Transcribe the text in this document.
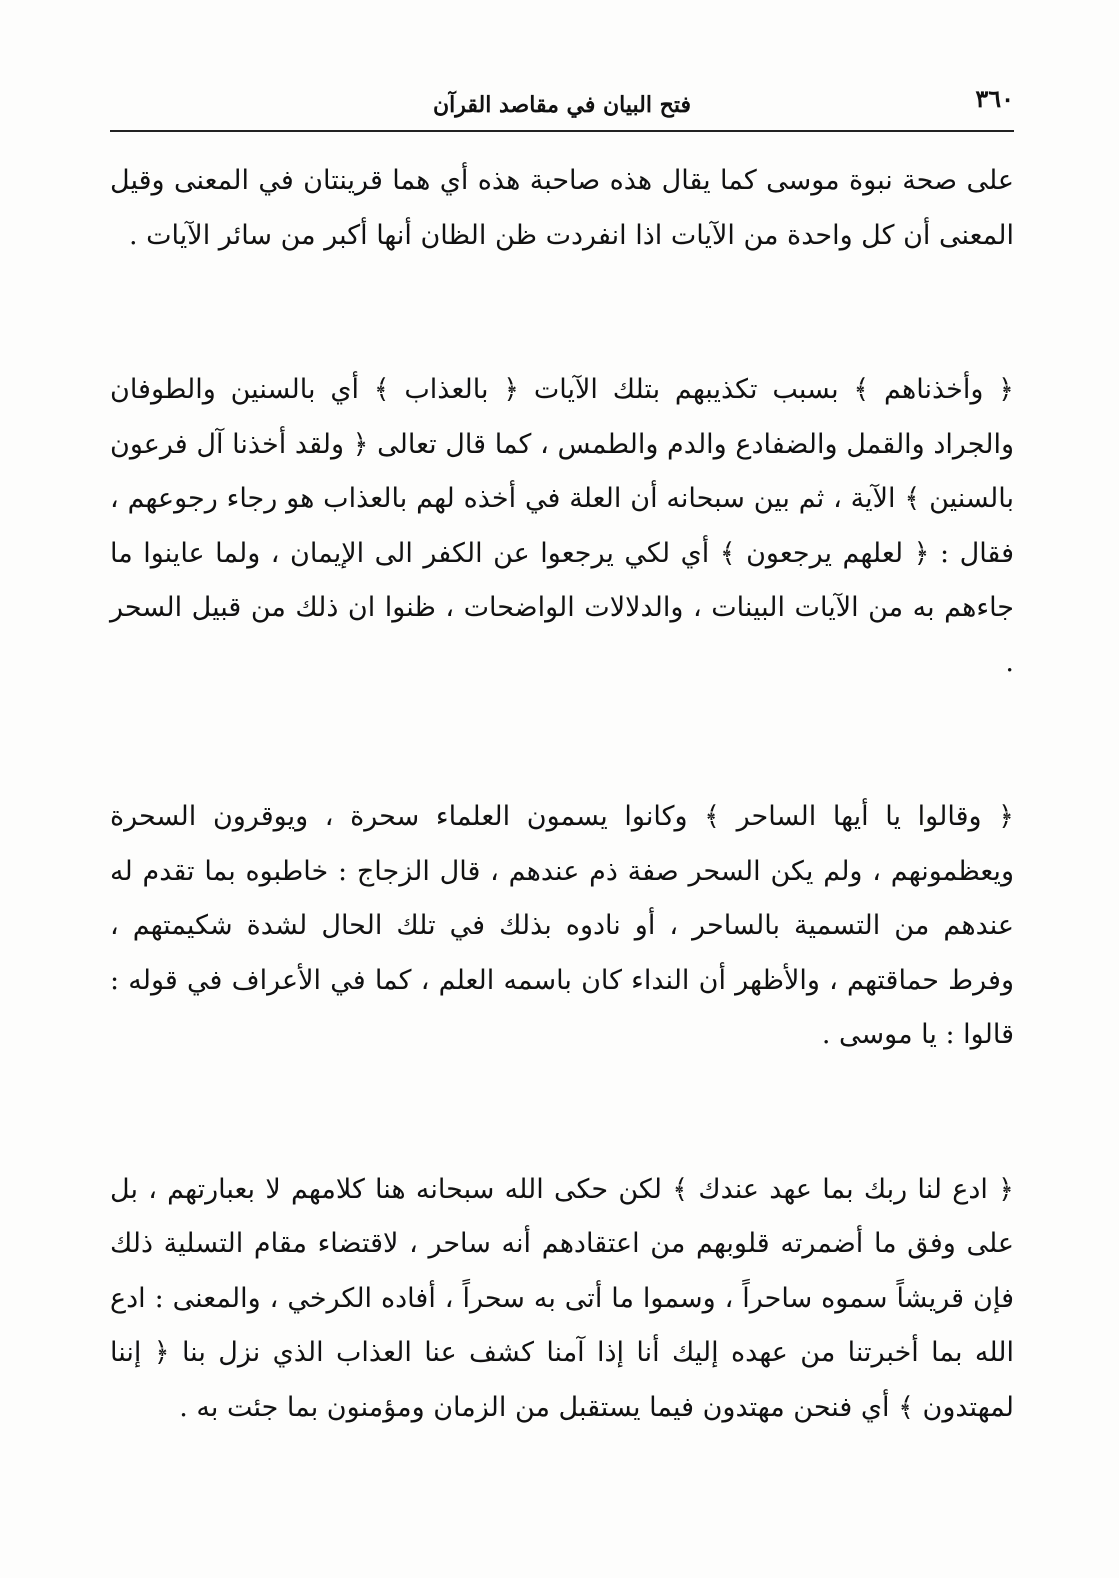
٣٦٠
فتح البيان في مقاصد القرآن

على صحة نبوة موسى كما يقال هذه صاحبة هذه أي هما قرينتان في المعنى وقيل المعنى أن كل واحدة من الآيات اذا انفردت ظن الظان أنها أكبر من سائر الآيات .

﴿ وأخذناهم ﴾ بسبب تكذيبهم بتلك الآيات ﴿ بالعذاب ﴾ أي بالسنين والطوفان والجراد والقمل والضفادع والدم والطمس ، كما قال تعالى ﴿ ولقد أخذنا آل فرعون بالسنين ﴾ الآية ، ثم بين سبحانه أن العلة في أخذه لهم بالعذاب هو رجاء رجوعهم ، فقال : ﴿ لعلهم يرجعون ﴾ أي لكي يرجعوا عن الكفر الى الإيمان ، ولما عاينوا ما جاءهم به من الآيات البينات ، والدلالات الواضحات ، ظنوا ان ذلك من قبيل السحر .

﴿ وقالوا يا أيها الساحر ﴾ وكانوا يسمون العلماء سحرة ، ويوقرون السحرة ويعظمونهم ، ولم يكن السحر صفة ذم عندهم ، قال الزجاج : خاطبوه بما تقدم له عندهم من التسمية بالساحر ، أو نادوه بذلك في تلك الحال لشدة شكيمتهم ، وفرط حماقتهم ، والأظهر أن النداء كان باسمه العلم ، كما في الأعراف في قوله : قالوا : يا موسى .

﴿ ادع لنا ربك بما عهد عندك ﴾ لكن حكى الله سبحانه هنا كلامهم لا بعبارتهم ، بل على وفق ما أضمرته قلوبهم من اعتقادهم أنه ساحر ، لاقتضاء مقام التسلية ذلك فإن قريشاً سموه ساحراً ، وسموا ما أتى به سحراً ، أفاده الكرخي ، والمعنى : ادع الله بما أخبرتنا من عهده إليك أنا إذا آمنا كشف عنا العذاب الذي نزل بنا ﴿ إننا لمهتدون ﴾ أي فنحن مهتدون فيما يستقبل من الزمان ومؤمنون بما جئت به .
